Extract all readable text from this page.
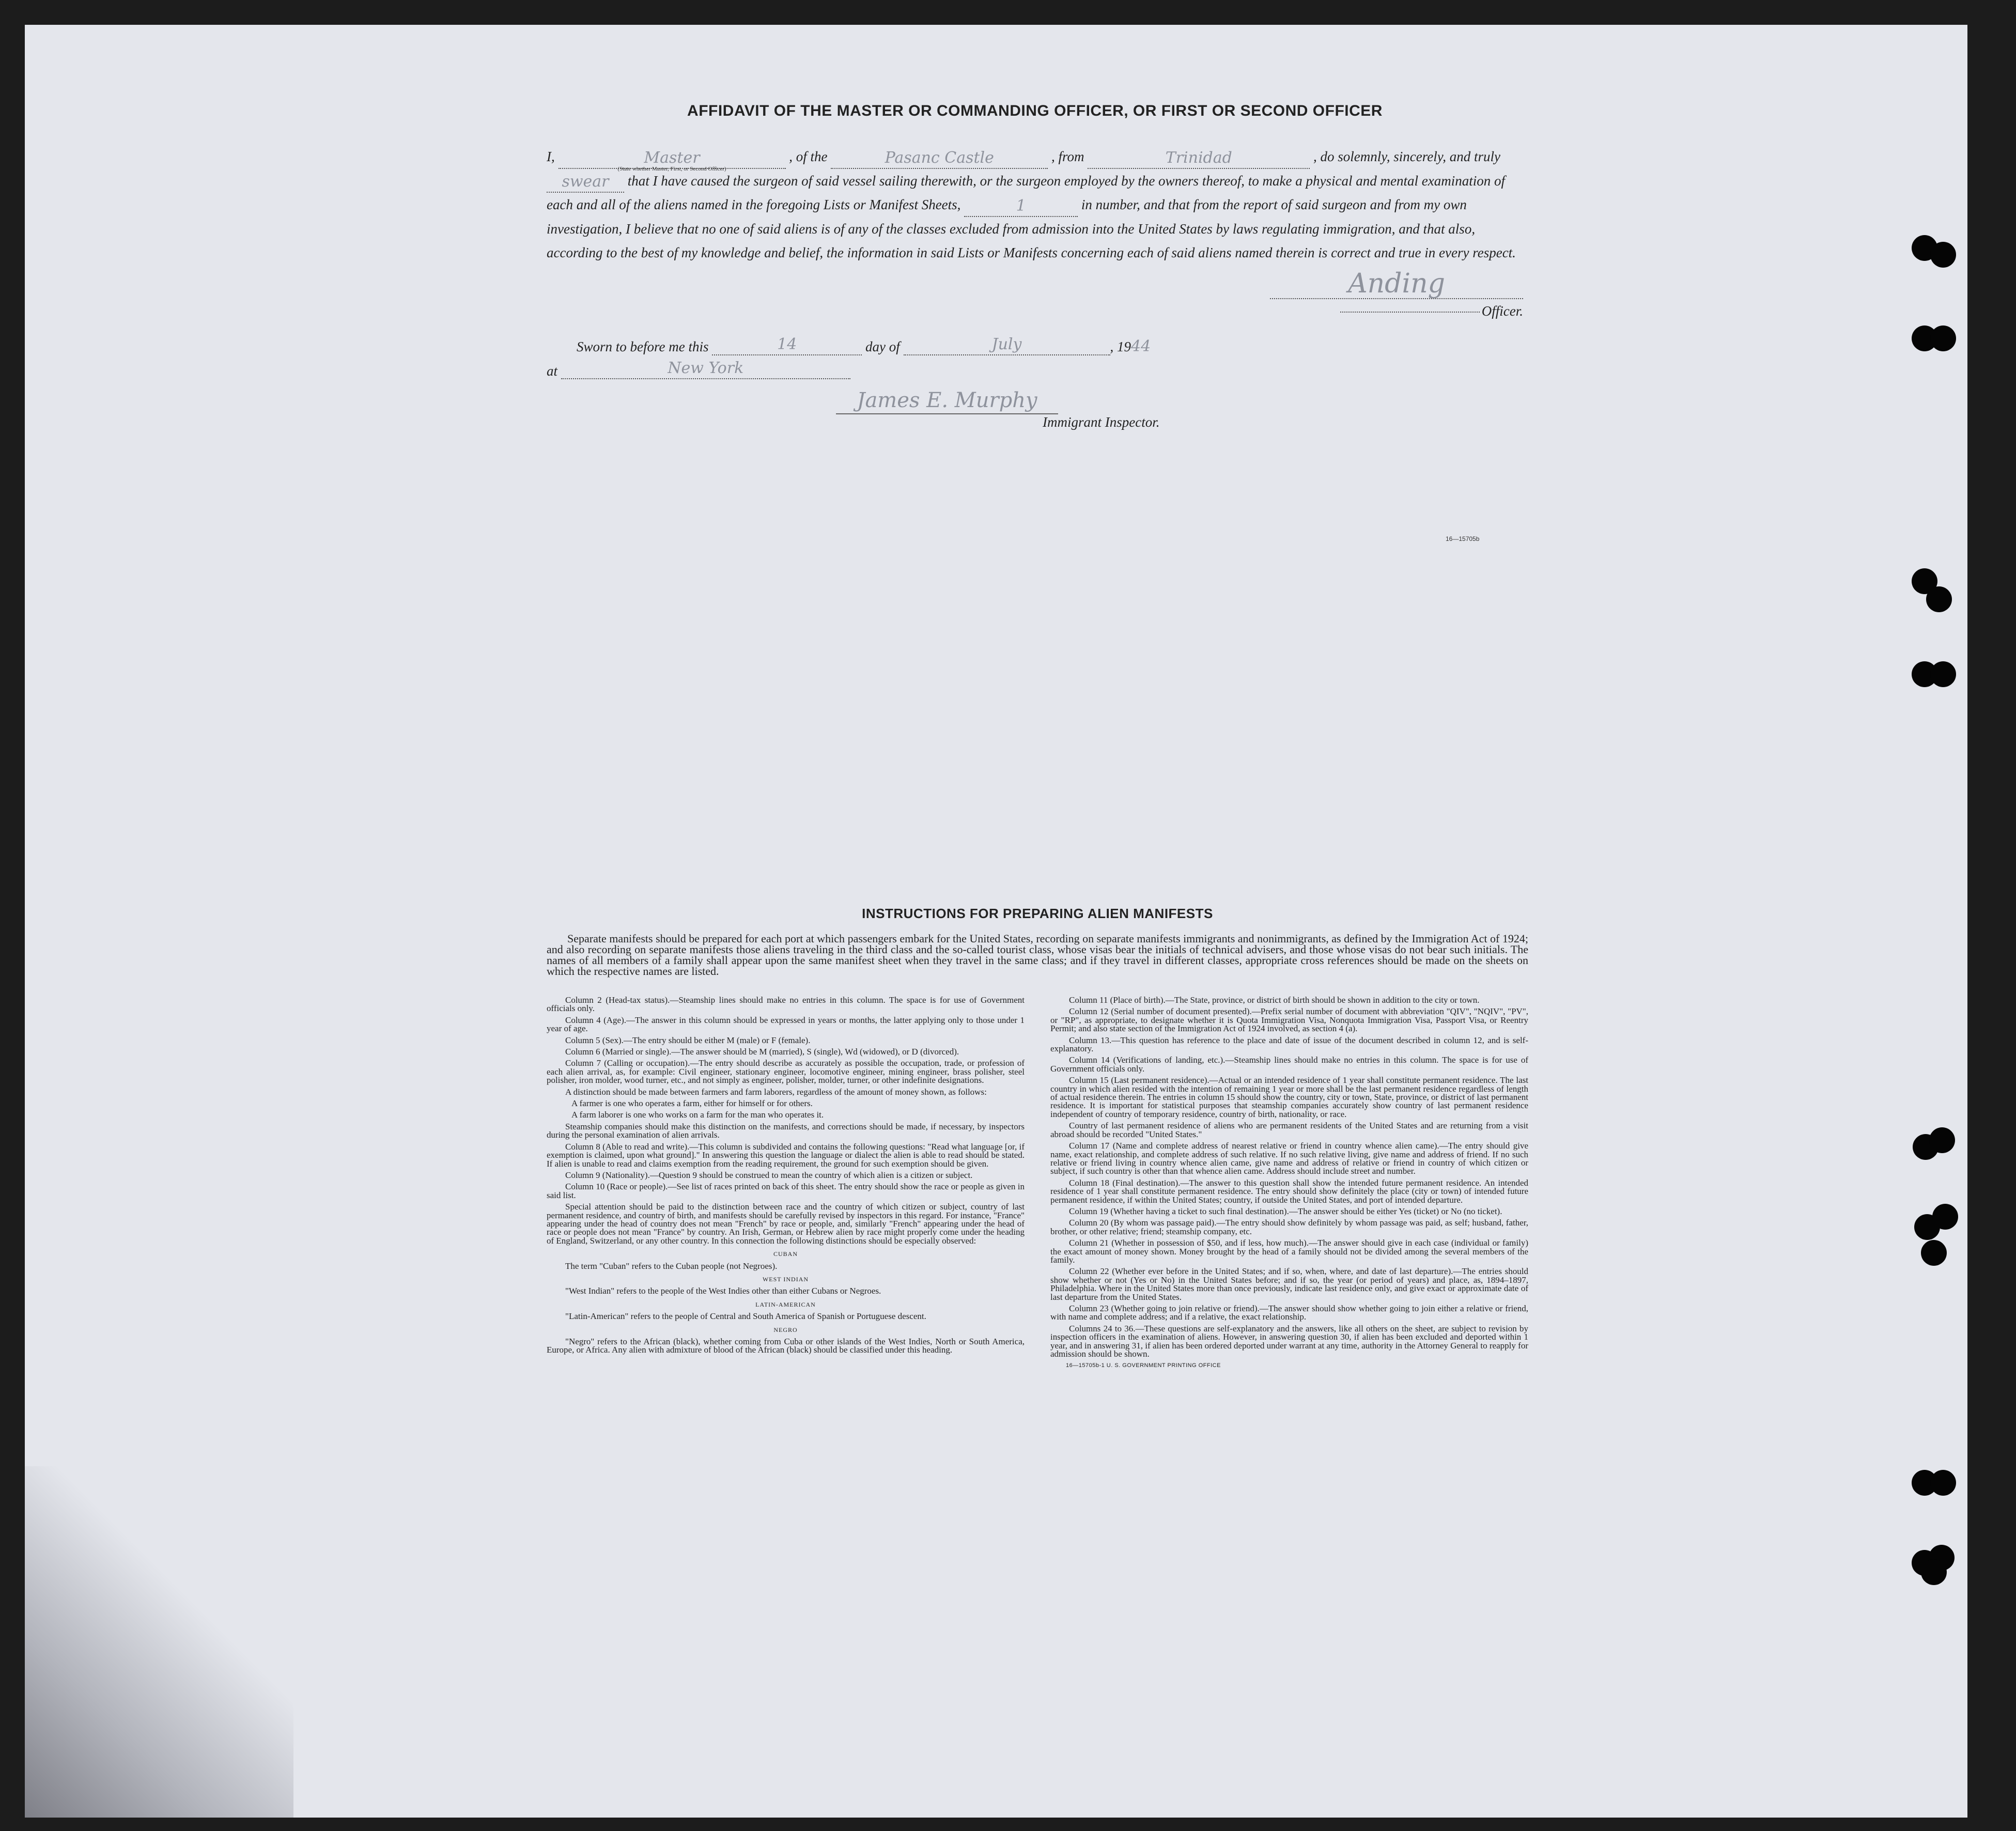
AFFIDAVIT OF THE MASTER OR COMMANDING OFFICER, OR FIRST OR SECOND OFFICER
I,	Master
(State whether Master, First, or Second Officer)
, of the	Pasanc Castle	, from	Trinidad	, do solemnly, sincerely, and truly swear that I have caused the surgeon of said vessel sailing therewith, or the surgeon employed by the owners thereof, to make a physical and mental examination of each and all of the aliens named in the foregoing Lists or Manifest Sheets,	1	in number, and that from the report of said surgeon and from my own investigation, I believe that no one of said aliens is of any of the classes excluded from admission into the United States by laws regulating immigration, and that also, according to the best of my knowledge and belief, the information in said Lists or Manifests concerning each of said aliens named therein is correct and true in every respect.
Anding
Officer.
Sworn to before me this	14	day of	July	, 1944
at	New York
James E. Murphy
Immigrant Inspector.
16—15705b
INSTRUCTIONS FOR PREPARING ALIEN MANIFESTS
Separate manifests should be prepared for each port at which passengers embark for the United States, recording on separate manifests immigrants and nonimmigrants, as defined by the Immigration Act of 1924; and also recording on separate manifests those aliens traveling in the third class and the so-called tourist class, whose visas bear the initials of technical advisers, and those whose visas do not bear such initials. The names of all members of a family shall appear upon the same manifest sheet when they travel in the same class; and if they travel in different classes, appropriate cross references should be made on the sheets on which the respective names are listed.

Column 2 (Head-tax status).—Steamship lines should make no entries in this column. The space is for use of Government officials only.

Column 4 (Age).—The answer in this column should be expressed in years or months, the latter applying only to those under 1 year of age.

Column 5 (Sex).—The entry should be either M (male) or F (female).

Column 6 (Married or single).—The answer should be M (married), S (single), Wd (widowed), or D (divorced).

Column 7 (Calling or occupation).—The entry should describe as accurately as possible the occupation, trade, or profession of each alien arrival, as, for example: Civil engineer, stationary engineer, locomotive engineer, mining engineer, brass polisher, steel polisher, iron molder, wood turner, etc., and not simply as engineer, polisher, molder, turner, or other indefinite designations.

A distinction should be made between farmers and farm laborers, regardless of the amount of money shown, as follows:

A farmer is one who operates a farm, either for himself or for others.

A farm laborer is one who works on a farm for the man who operates it.

Steamship companies should make this distinction on the manifests, and corrections should be made, if necessary, by inspectors during the personal examination of alien arrivals.

Column 8 (Able to read and write).—This column is subdivided and contains the following questions: "Read what language [or, if exemption is claimed, upon what ground]." In answering this question the language or dialect the alien is able to read should be stated. If alien is unable to read and claims exemption from the reading requirement, the ground for such exemption should be given.

Column 9 (Nationality).—Question 9 should be construed to mean the country of which alien is a citizen or subject.

Column 10 (Race or people).—See list of races printed on back of this sheet. The entry should show the race or people as given in said list.

Special attention should be paid to the distinction between race and the country of which citizen or subject, country of last permanent residence, and country of birth, and manifests should be carefully revised by inspectors in this regard. For instance, "France" appearing under the head of country does not mean "French" by race or people, and, similarly "French" appearing under the head of race or people does not mean "France" by country. An Irish, German, or Hebrew alien by race might properly come under the heading of England, Switzerland, or any other country. In this connection the following distinctions should be especially observed:

CUBAN

The term "Cuban" refers to the Cuban people (not Negroes).

WEST INDIAN

"West Indian" refers to the people of the West Indies other than either Cubans or Negroes.

LATIN-AMERICAN

"Latin-American" refers to the people of Central and South America of Spanish or Portuguese descent.

NEGRO

"Negro" refers to the African (black), whether coming from Cuba or other islands of the West Indies, North or South America, Europe, or Africa. Any alien with admixture of blood of the African (black) should be classified under this heading.

Column 11 (Place of birth).—The State, province, or district of birth should be shown in addition to the city or town.

Column 12 (Serial number of document presented).—Prefix serial number of document with abbreviation "QIV", "NQIV", "PV", or "RP", as appropriate, to designate whether it is Quota Immigration Visa, Nonquota Immigration Visa, Passport Visa, or Reentry Permit; and also state section of the Immigration Act of 1924 involved, as section 4 (a).

Column 13.—This question has reference to the place and date of issue of the document described in column 12, and is self-explanatory.

Column 14 (Verifications of landing, etc.).—Steamship lines should make no entries in this column. The space is for use of Government officials only.

Column 15 (Last permanent residence).—Actual or an intended residence of 1 year shall constitute permanent residence. The last country in which alien resided with the intention of remaining 1 year or more shall be the last permanent residence regardless of length of actual residence therein. The entries in column 15 should show the country, city or town, State, province, or district of last permanent residence. It is important for statistical purposes that steamship companies accurately show country of last permanent residence independent of country of temporary residence, country of birth, nationality, or race.

Country of last permanent residence of aliens who are permanent residents of the United States and are returning from a visit abroad should be recorded "United States."

Column 17 (Name and complete address of nearest relative or friend in country whence alien came).—The entry should give name, exact relationship, and complete address of such relative. If no such relative living, give name and address of friend. If no such relative or friend living in country whence alien came, give name and address of relative or friend in country of which citizen or subject, if such country is other than that whence alien came. Address should include street and number.

Column 18 (Final destination).—The answer to this question shall show the intended future permanent residence. An intended residence of 1 year shall constitute permanent residence. The entry should show definitely the place (city or town) of intended future permanent residence, if within the United States; country, if outside the United States, and port of intended departure.

Column 19 (Whether having a ticket to such final destination).—The answer should be either Yes (ticket) or No (no ticket).

Column 20 (By whom was passage paid).—The entry should show definitely by whom passage was paid, as self; husband, father, brother, or other relative; friend; steamship company, etc.

Column 21 (Whether in possession of $50, and if less, how much).—The answer should give in each case (individual or family) the exact amount of money shown. Money brought by the head of a family should not be divided among the several members of the family.

Column 22 (Whether ever before in the United States; and if so, when, where, and date of last departure).—The entries should show whether or not (Yes or No) in the United States before; and if so, the year (or period of years) and place, as, 1894–1897, Philadelphia. Where in the United States more than once previously, indicate last residence only, and give exact or approximate date of last departure from the United States.

Column 23 (Whether going to join relative or friend).—The answer should show whether going to join either a relative or friend, with name and complete address; and if a relative, the exact relationship.

Columns 24 to 36.—These questions are self-explanatory and the answers, like all others on the sheet, are subject to revision by inspection officers in the examination of aliens. However, in answering question 30, if alien has been excluded and deported within 1 year, and in answering 31, if alien has been ordered deported under warrant at any time, authority in the Attorney General to reapply for admission should be shown.

16—15705b-1 U. S. GOVERNMENT PRINTING OFFICE
